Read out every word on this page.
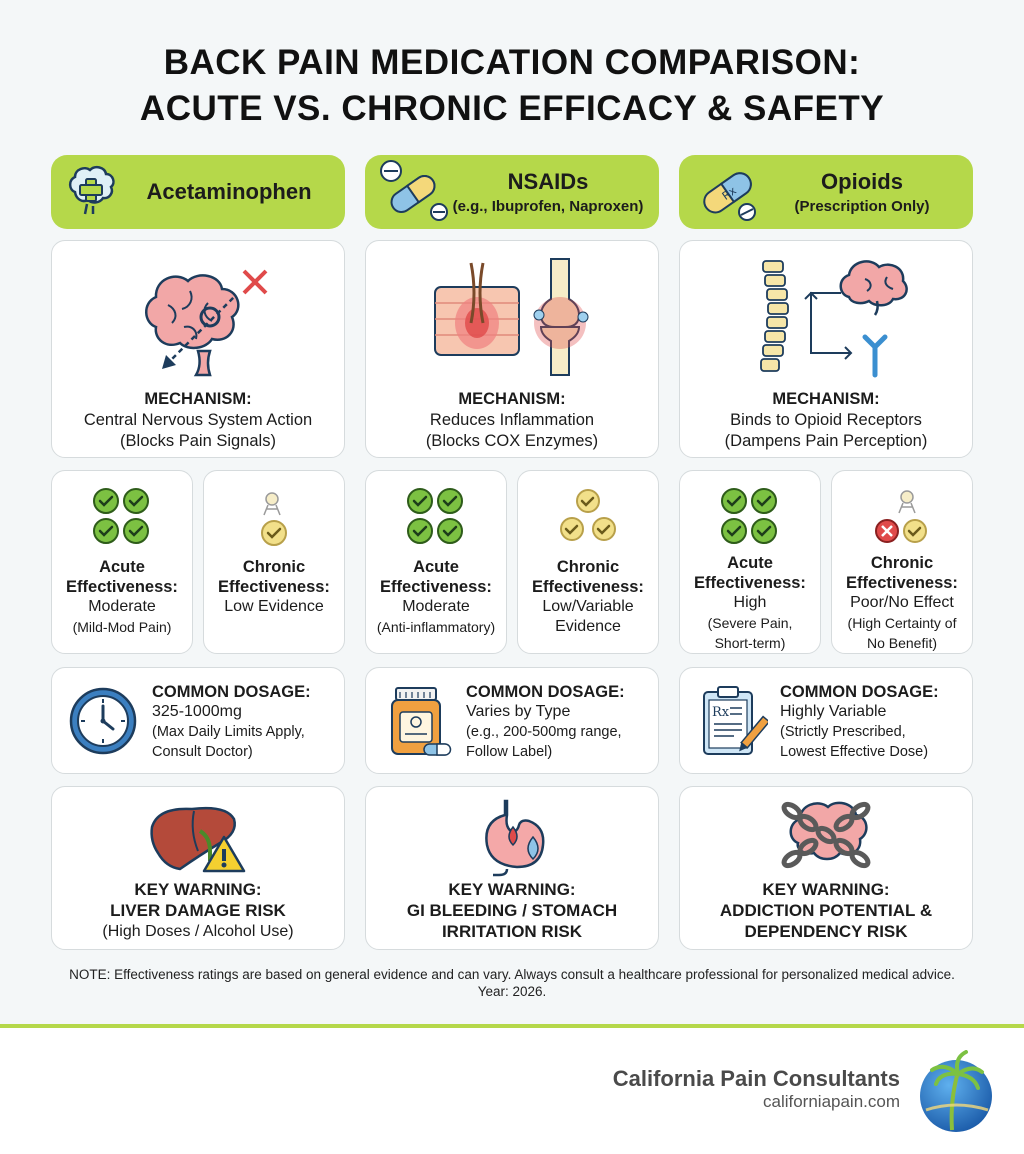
BACK PAIN MEDICATION COMPARISON:
ACUTE VS. CHRONIC EFFICACY & SAFETY
Acetaminophen	NSAIDs
(e.g., Ibuprofen, Naproxen)
Rx	Opioids
(Prescription Only)
MECHANISM:
Central Nervous System Action
(Blocks Pain Signals)
MECHANISM:
Reduces Inflammation
(Blocks COX Enzymes)
MECHANISM:
Binds to Opioid Receptors
(Dampens Pain Perception)
Acute Effectiveness:
Moderate
(Mild-Mod Pain)
Chronic Effectiveness:
Low Evidence
Acute Effectiveness:
Moderate
(Anti-inflammatory)
Chronic Effectiveness:
Low/Variable
Evidence
Acute Effectiveness:
High
(Severe Pain,
Short-term)
Chronic Effectiveness:
Poor/No Effect
(High Certainty of
No Benefit)
COMMON DOSAGE:
325-1000mg
(Max Daily Limits Apply,
Consult Doctor)
COMMON DOSAGE:
Varies by Type
(e.g., 200-500mg range,
Follow Label)
Rx
COMMON DOSAGE:
Highly Variable
(Strictly Prescribed,
Lowest Effective Dose)
KEY WARNING:
LIVER DAMAGE RISK
(High Doses / Alcohol Use)
KEY WARNING:
GI BLEEDING / STOMACH
IRRITATION RISK
KEY WARNING:
ADDICTION POTENTIAL &
DEPENDENCY RISK
NOTE: Effectiveness ratings are based on general evidence and can vary. Always consult a healthcare professional for personalized medical advice.
Year: 2026.
California Pain Consultants
californiapain.com
